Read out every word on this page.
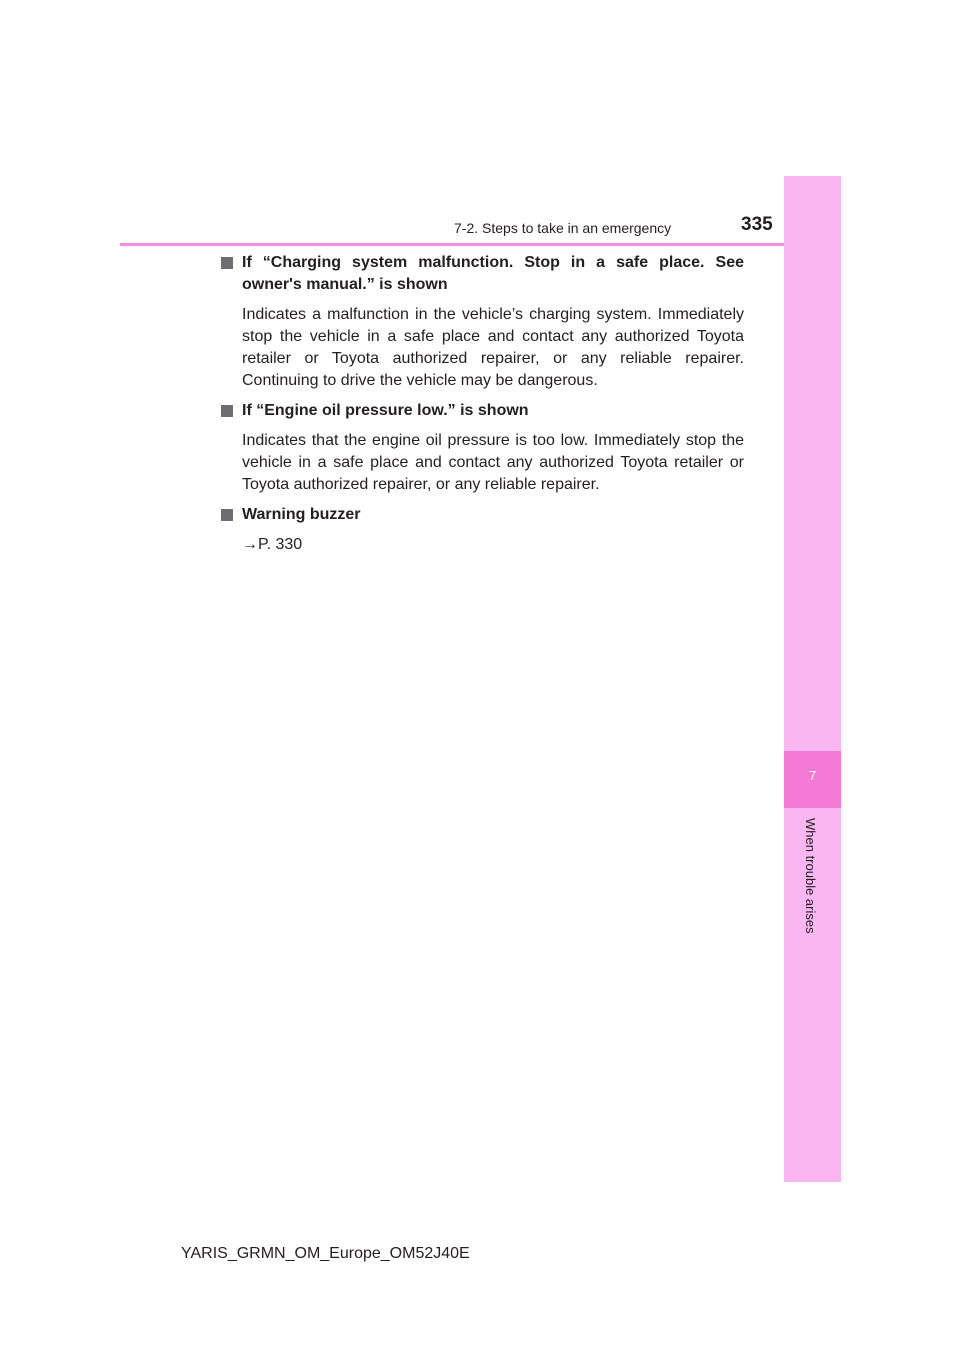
7-2. Steps to take in an emergency	335
7
When trouble arises
If “Charging system malfunction. Stop in a safe place. See owner's manual.” is shown
Indicates a malfunction in the vehicle’s charging system. Immediately stop the vehicle in a safe place and contact any authorized Toyota retailer or Toyota authorized repairer, or any reliable repairer. Continuing to drive the vehicle may be dangerous.
If “Engine oil pressure low.” is shown
Indicates that the engine oil pressure is too low. Immediately stop the vehicle in a safe place and contact any authorized Toyota retailer or Toyota authorized repairer, or any reliable repairer.
Warning buzzer
→P. 330
YARIS_GRMN_OM_Europe_OM52J40E
